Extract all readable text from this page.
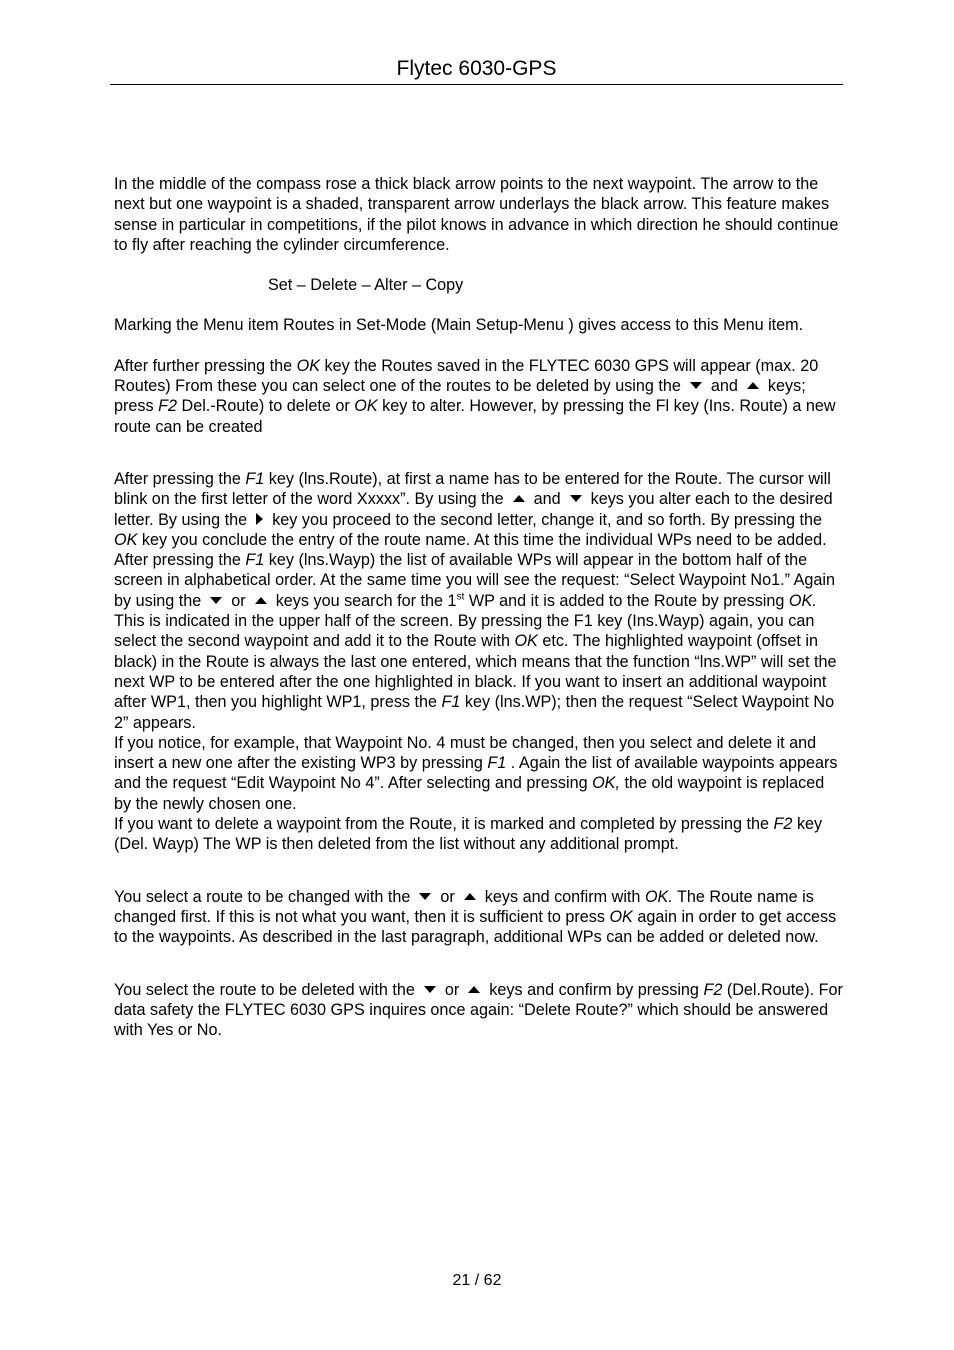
Flytec 6030-GPS

In the middle of the compass rose a thick black arrow points to the next waypoint. The arrow to the next but one waypoint is a shaded, transparent arrow underlays the black arrow. This feature makes sense in particular in competitions, if the pilot knows in advance in which direction he should continue to fly after reaching the cylinder circumference.

Set – Delete – Alter – Copy

Marking the Menu item Routes in Set-Mode (Main Setup-Menu ) gives access to this Menu item.

After further pressing the OK key the Routes saved in the FLYTEC 6030 GPS will appear (max. 20 Routes) From these you can select one of the routes to be deleted by using the and keys; press F2 Del.-Route) to delete or OK key to alter. However, by pressing the Fl key (Ins. Route) a new route can be created

After pressing the F1 key (lns.Route), at first a name has to be entered for the Route. The cursor will blink on the first letter of the word Xxxxx”. By using the and keys you alter each to the desired letter. By using the key you proceed to the second letter, change it, and so forth. By pressing the OK key you conclude the entry of the route name. At this time the individual WPs need to be added. After pressing the F1 key (lns.Wayp) the list of available WPs will appear in the bottom half of the screen in alphabetical order. At the same time you will see the request: “Select Waypoint No1.” Again by using the or keys you search for the 1st WP and it is added to the Route by pressing OK. This is indicated in the upper half of the screen. By pressing the F1 key (Ins.Wayp) again, you can select the second waypoint and add it to the Route with OK etc. The highlighted waypoint (offset in black) in the Route is always the last one entered, which means that the function “lns.WP” will set the next WP to be entered after the one highlighted in black. If you want to insert an additional waypoint after WP1, then you highlight WP1, press the F1 key (lns.WP); then the request “Select Waypoint No 2” appears.

If you notice, for example, that Waypoint No. 4 must be changed, then you select and delete it and insert a new one after the existing WP3 by pressing F1 . Again the list of available waypoints appears and the request “Edit Waypoint No 4”. After selecting and pressing OK, the old waypoint is replaced by the newly chosen one.

If you want to delete a waypoint from the Route, it is marked and completed by pressing the F2 key (Del. Wayp) The WP is then deleted from the list without any additional prompt.

You select a route to be changed with the or keys and confirm with OK. The Route name is changed first. If this is not what you want, then it is sufficient to press OK again in order to get access to the waypoints. As described in the last paragraph, additional WPs can be added or deleted now.

You select the route to be deleted with the or keys and confirm by pressing F2 (Del.Route). For data safety the FLYTEC 6030 GPS inquires once again: “Delete Route?” which should be answered with Yes or No.

21 / 62
